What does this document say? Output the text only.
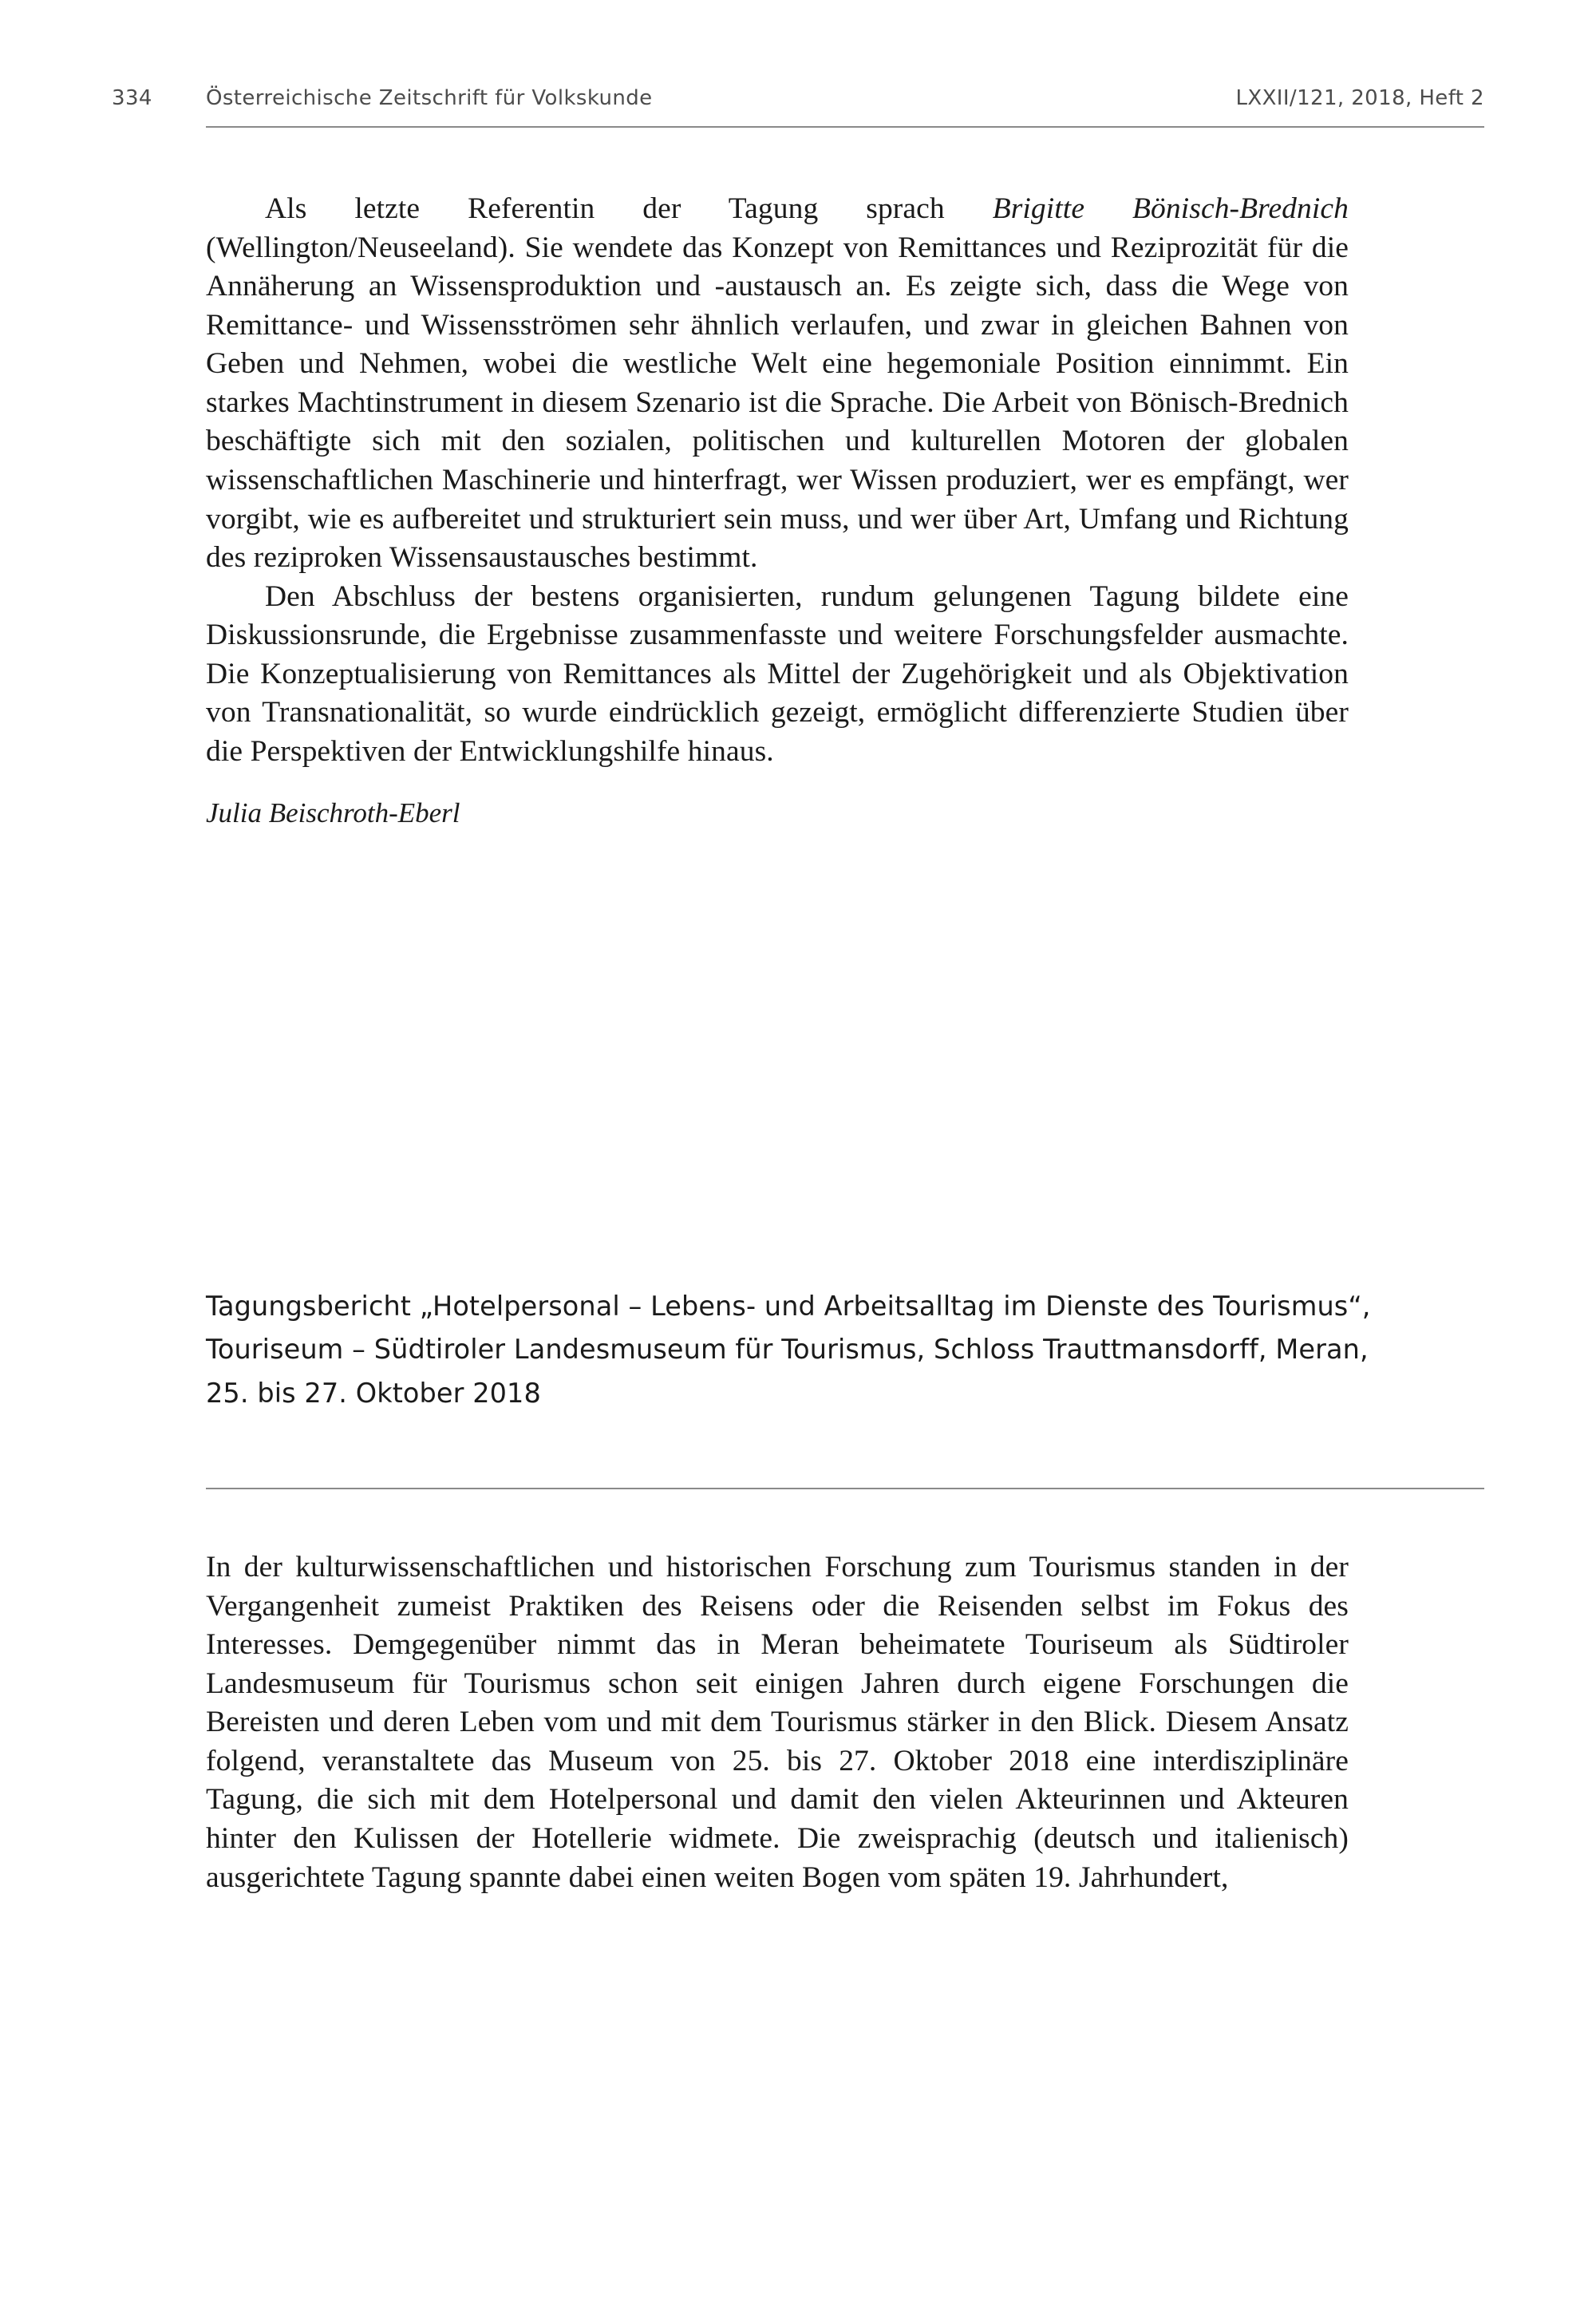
334	Österreichische Zeitschrift für Volkskunde	LXXII/121, 2018, Heft 2

Als letzte Referentin der Tagung sprach Brigitte Bönisch-Brednich (Wellington/Neuseeland). Sie wendete das Konzept von Remittances und Reziprozität für die Annäherung an Wissensproduktion und -austausch an. Es zeigte sich, dass die Wege von Remittance- und Wissensströmen sehr ähnlich verlaufen, und zwar in gleichen Bahnen von Geben und Nehmen, wobei die westliche Welt eine hegemoniale Position einnimmt. Ein starkes Machtinstrument in diesem Szenario ist die Sprache. Die Arbeit von Bönisch-Brednich beschäftigte sich mit den sozialen, politischen und kulturellen Motoren der globalen wissenschaftlichen Maschinerie und hinterfragt, wer Wissen produziert, wer es empfängt, wer vorgibt, wie es aufbereitet und strukturiert sein muss, und wer über Art, Umfang und Richtung des reziproken Wissensaustausches bestimmt.

Den Abschluss der bestens organisierten, rundum gelungenen Tagung bildete eine Diskussionsrunde, die Ergebnisse zusammenfasste und weitere Forschungsfelder ausmachte. Die Konzeptualisierung von Remittances als Mittel der Zugehörigkeit und als Objektivation von Transnationalität, so wurde eindrücklich gezeigt, ermöglicht differenzierte Studien über die Perspektiven der Entwicklungshilfe hinaus.

Julia Beischroth-Eberl

Tagungsbericht „Hotelpersonal – Lebens- und Arbeitsalltag im Dienste des Tourismus“, Touriseum – Südtiroler Landesmuseum für Tourismus, Schloss Trauttmansdorff, Meran, 25. bis 27. Oktober 2018

In der kulturwissenschaftlichen und historischen Forschung zum Tourismus standen in der Vergangenheit zumeist Praktiken des Reisens oder die Reisenden selbst im Fokus des Interesses. Demgegenüber nimmt das in Meran beheimatete Touriseum als Südtiroler Landesmuseum für Tourismus schon seit einigen Jahren durch eigene Forschungen die Bereisten und deren Leben vom und mit dem Tourismus stärker in den Blick. Diesem Ansatz folgend, veranstaltete das Museum von 25. bis 27. Oktober 2018 eine interdisziplinäre Tagung, die sich mit dem Hotelpersonal und damit den vielen Akteurinnen und Akteuren hinter den Kulissen der Hotellerie widmete. Die zweisprachig (deutsch und italienisch) ausgerichtete Tagung spannte dabei einen weiten Bogen vom späten 19. Jahrhundert,
